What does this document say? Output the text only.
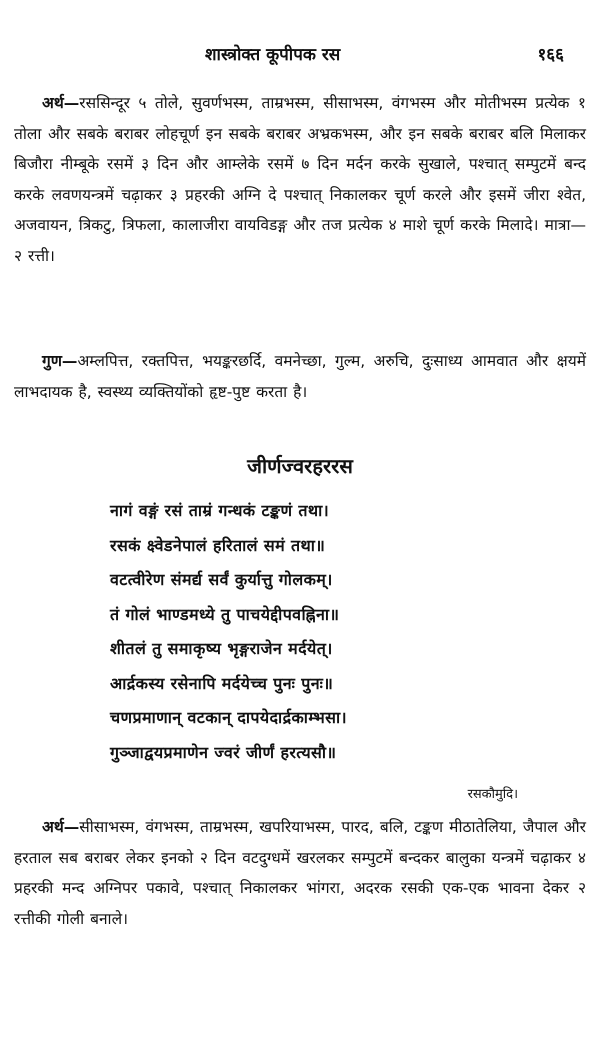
शास्त्रोक्त कूपीपक रस	१६६

अर्थ—रससिन्दूर ५ तोले, सुवर्णभस्म, ताम्रभस्म, सीसाभस्म, वंगभस्म और मोतीभस्म प्रत्येक १ तोला और सबके बराबर लोहचूर्ण इन सबके बराबर अभ्रकभस्म, और इन सबके बराबर बलि मिलाकर बिजौरा नीम्बूके रसमें ३ दिन और आम्लेके रसमें ७ दिन मर्दन करके सुखाले, पश्चात् सम्पुटमें बन्द करके लवणयन्त्रमें चढ़ाकर ३ प्रहरकी अग्नि दे पश्चात् निकालकर चूर्ण करले और इसमें जीरा श्वेत, अजवायन, त्रिकटु, त्रिफला, कालाजीरा वायविडङ्ग और तज प्रत्येक ४ माशे चूर्ण करके मिलादे। मात्रा—२ रत्ती।

गुण—अम्लपित्त, रक्तपित्त, भयङ्करछर्दि, वमनेच्छा, गुल्म, अरुचि, दुःसाध्य आमवात और क्षयमें लाभदायक है, स्वस्थ्य व्यक्तियोंको हृष्ट-पुष्ट करता है।

जीर्णज्वरहररस
नागं वङ्गं रसं ताम्रं गन्धकं टङ्कणं तथा।
रसकं क्ष्वेडनेपालं हरितालं समं तथा॥
वटत्वीरेण संमर्द्य सर्वं कुर्यात्तु गोलकम्।
तं गोलं भाण्डमध्ये तु पाचयेद्दीपवह्निना॥
शीतलं तु समाकृष्य भृङ्गराजेन मर्दयेत्।
आर्द्रकस्य रसेनापि मर्दयेच्च पुनः पुनः॥
चणप्रमाणान् वटकान् दापयेदार्द्रकाम्भसा।
गुञ्जाद्वयप्रमाणेन ज्वरं जीर्णं हरत्यसौ॥
रसकौमुदि।

अर्थ—सीसाभस्म, वंगभस्म, ताम्रभस्म, खपरियाभस्म, पारद, बलि, टङ्कण मीठातेलिया, जैपाल और हरताल सब बराबर लेकर इनको २ दिन वटदुग्धमें खरलकर सम्पुटमें बन्दकर बालुका यन्त्रमें चढ़ाकर ४ प्रहरकी मन्द अग्निपर पकावे, पश्चात् निकालकर भांगरा, अदरक रसकी एक-एक भावना देकर २ रत्तीकी गोली बनाले।
